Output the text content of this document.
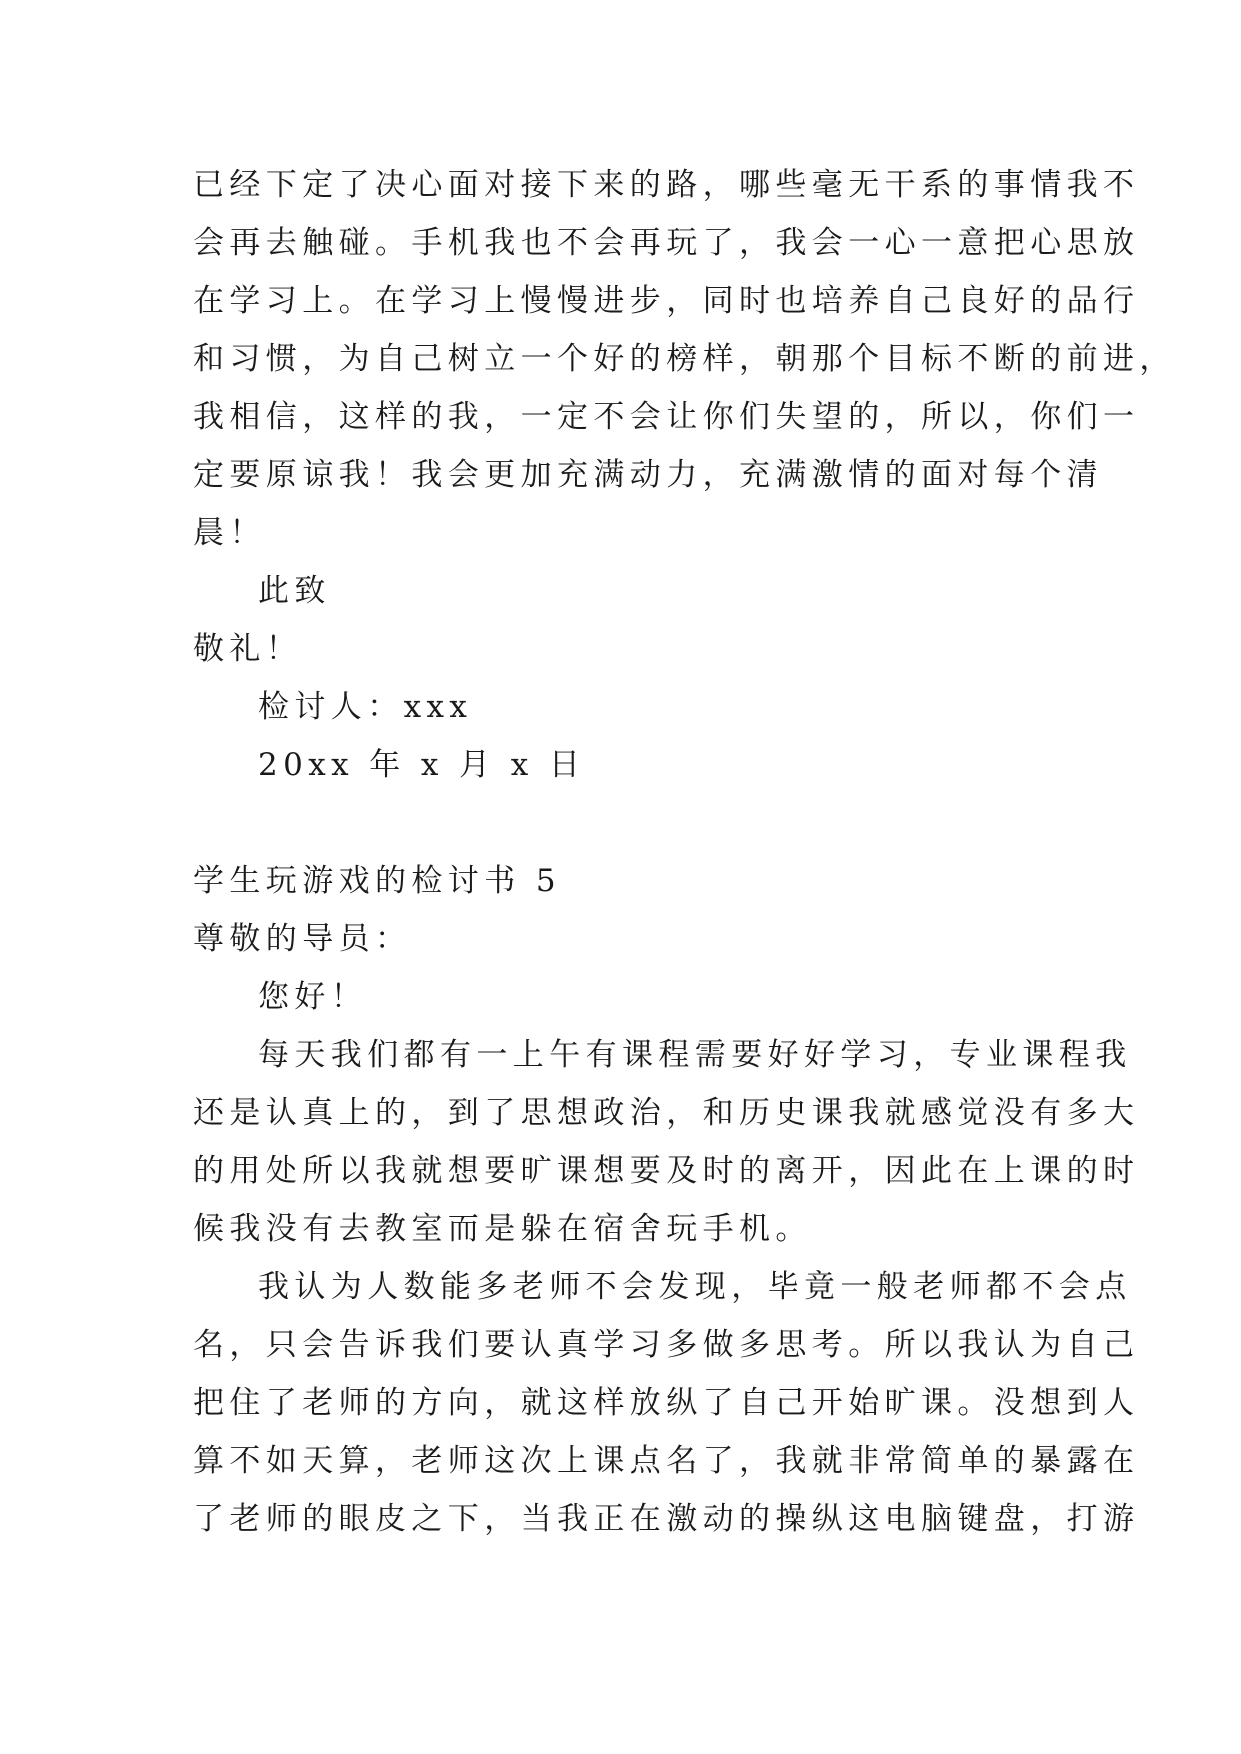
已经下定了决心面对接下来的路，哪些毫无干系的事情我不
会再去触碰。手机我也不会再玩了，我会一心一意把心思放
在学习上。在学习上慢慢进步，同时也培养自己良好的品行
和习惯，为自己树立一个好的榜样，朝那个目标不断的前进，
我相信，这样的我，一定不会让你们失望的，所以，你们一
定要原谅我！我会更加充满动力，充满激情的面对每个清
晨！
此致
敬礼！
检讨人：xxx
20xx 年 x 月 x 日
学生玩游戏的检讨书 5
尊敬的导员：
您好！
每天我们都有一上午有课程需要好好学习，专业课程我
还是认真上的，到了思想政治，和历史课我就感觉没有多大
的用处所以我就想要旷课想要及时的离开，因此在上课的时
候我没有去教室而是躲在宿舍玩手机。
我认为人数能多老师不会发现，毕竟一般老师都不会点
名，只会告诉我们要认真学习多做多思考。所以我认为自己
把住了老师的方向，就这样放纵了自己开始旷课。没想到人
算不如天算，老师这次上课点名了，我就非常简单的暴露在
了老师的眼皮之下，当我正在激动的操纵这电脑键盘，打游
